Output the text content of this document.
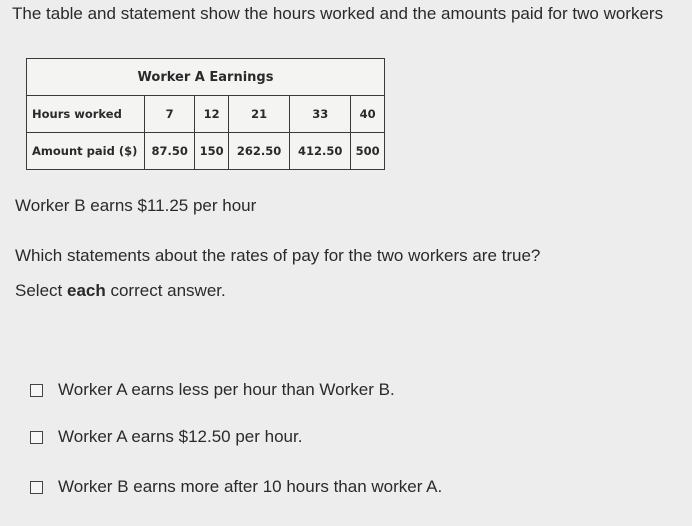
The table and statement show the hours worked and the amounts paid for two workers
Worker A Earnings					
Hours worked	7	12	21	33	40
Amount paid ($)	87.50	150	262.50	412.50	500
Worker B earns $11.25 per hour
Which statements about the rates of pay for the two workers are true?
Select each correct answer.
Worker A earns less per hour than Worker B.
Worker A earns $12.50 per hour.
Worker B earns more after 10 hours than worker A.
